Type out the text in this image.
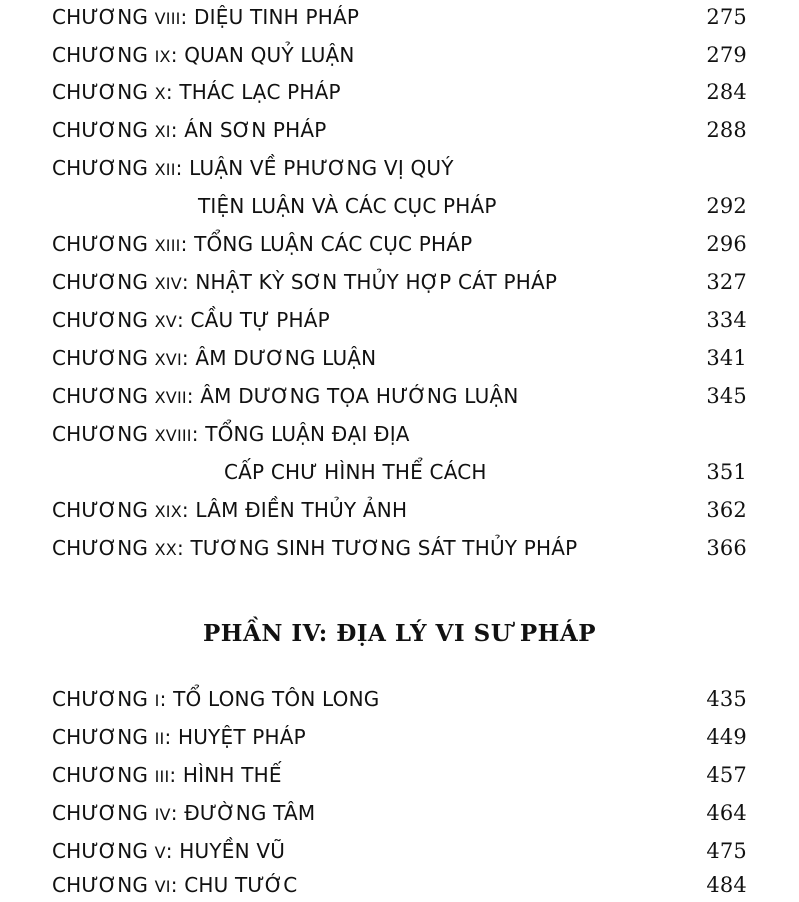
CHƯƠNG VIII: DIỆU TINH PHÁP	275
CHƯƠNG IX: QUAN QUỶ LUẬN	279
CHƯƠNG X: THÁC LẠC PHÁP	284
CHƯƠNG XI: ÁN SƠN PHÁP	288
CHƯƠNG XII: LUẬN VỀ PHƯƠNG VỊ QUÝ
TIỆN LUẬN VÀ CÁC CỤC PHÁP	292
CHƯƠNG XIII: TỔNG LUẬN CÁC CỤC PHÁP	296
CHƯƠNG XIV: NHẬT KỲ SƠN THỦY HỢP CÁT PHÁP	327
CHƯƠNG XV: CẦU TỰ PHÁP	334
CHƯƠNG XVI: ÂM DƯƠNG LUẬN	341
CHƯƠNG XVII: ÂM DƯƠNG TỌA HƯỚNG LUẬN	345
CHƯƠNG XVIII: TỔNG LUẬN ĐẠI ĐỊA
CẤP CHƯ HÌNH THỂ CÁCH	351
CHƯƠNG XIX: LÂM ĐIỀN THỦY ẢNH	362
CHƯƠNG XX: TƯƠNG SINH TƯƠNG SÁT THỦY PHÁP	366
PHẦN IV: ĐỊA LÝ VI SƯ PHÁP
CHƯƠNG I: TỔ LONG TÔN LONG	435
CHƯƠNG II: HUYỆT PHÁP	449
CHƯƠNG III: HÌNH THẾ	457
CHƯƠNG IV: ĐƯỜNG TÂM	464
CHƯƠNG V: HUYỀN VŨ	475
CHƯƠNG VI: CHU TƯỚC	484
